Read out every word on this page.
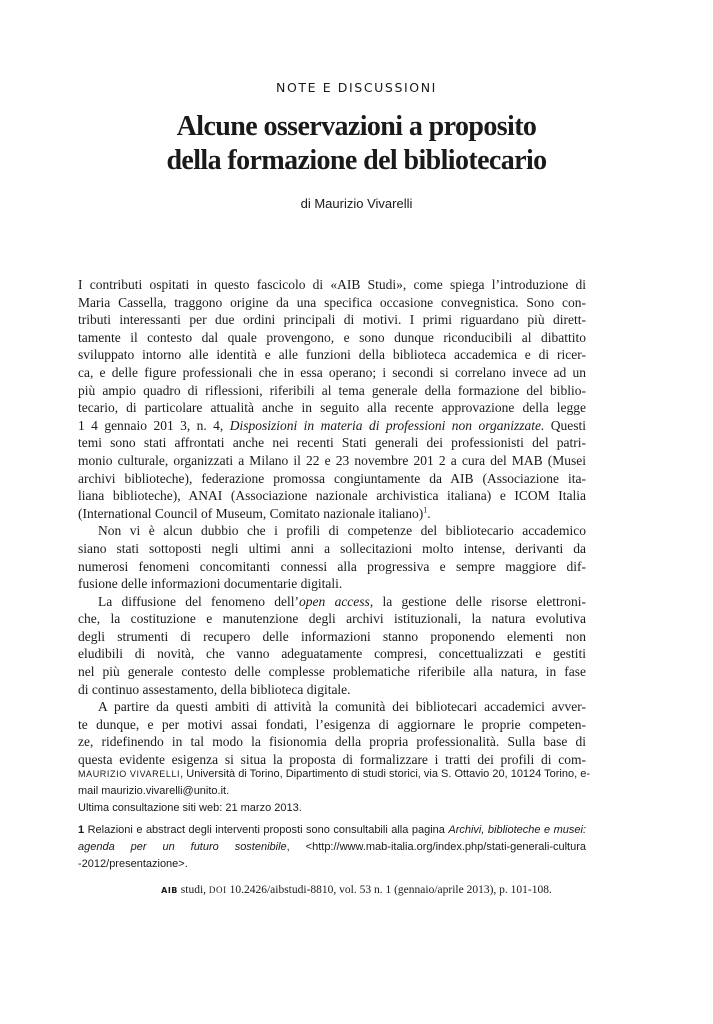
NOTE E DISCUSSIONI
Alcune osservazioni a proposito
della formazione del bibliotecario
di Maurizio Vivarelli
I contributi ospitati in questo fascicolo di «AIB Studi», come spiega l’introduzione di
Maria Cassella, traggono origine da una specifica occasione convegnistica. Sono con-
tributi interessanti per due ordini principali di motivi. I primi riguardano più dirett-
tamente il contesto dal quale provengono, e sono dunque riconducibili al dibattito
sviluppato intorno alle identità e alle funzioni della biblioteca accademica e di ricer-
ca, e delle figure professionali che in essa operano; i secondi si correlano invece ad un
più ampio quadro di riflessioni, riferibili al tema generale della formazione del biblio-
tecario, di particolare attualità anche in seguito alla recente approvazione della legge
1 4 gennaio 201 3, n. 4, Disposizioni in materia di professioni non organizzate. Questi
temi sono stati affrontati anche nei recenti Stati generali dei professionisti del patri-
monio culturale, organizzati a Milano il 22 e 23 novembre 201 2 a cura del MAB (Musei
archivi biblioteche), federazione promossa congiuntamente da AIB (Associazione ita-
liana biblioteche), ANAI (Associazione nazionale archivistica italiana) e ICOM Italia
(International Council of Museum, Comitato nazionale italiano)$^1$.
Non vi è alcun dubbio che i profili di competenze del bibliotecario accademico
siano stati sottoposti negli ultimi anni a sollecitazioni molto intense, derivanti da
numerosi fenomeni concomitanti connessi alla progressiva e sempre maggiore dif-
fusione delle informazioni documentarie digitali.
La diffusione del fenomeno dell’open access, la gestione delle risorse elettroni-
che, la costituzione e manutenzione degli archivi istituzionali, la natura evolutiva
degli strumenti di recupero delle informazioni stanno proponendo elementi non
eludibili di novità, che vanno adeguatamente compresi, concettualizzati e gestiti
nel più generale contesto delle complesse problematiche riferibile alla natura, in fase
di continuo assestamento, della biblioteca digitale.
A partire da questi ambiti di attività la comunità dei bibliotecari accademici avver-
te dunque, e per motivi assai fondati, l’esigenza di aggiornare le proprie competen-
ze, ridefinendo in tal modo la fisionomia della propria professionalità. Sulla base di
questa evidente esigenza si situa la proposta di formalizzare i tratti dei profili di com-
MAURIZIO VIVARELLI, Università di Torino, Dipartimento di studi storici, via S. Ottavio 20, 10124 Torino, e-
mail maurizio.vivarelli@unito.it.
Ultima consultazione siti web: 21 marzo 2013.
1 Relazioni e abstract degli interventi proposti sono consultabili alla pagina Archivi, biblioteche e musei:
agenda per un futuro sostenibile, <http://www.mab-italia.org/index.php/stati-generali-cultura
-2012/presentazione>.
AIB studi, DOI 10.2426/aibstudi-8810, vol. 53 n. 1 (gennaio/aprile 2013), p. 101-108.
